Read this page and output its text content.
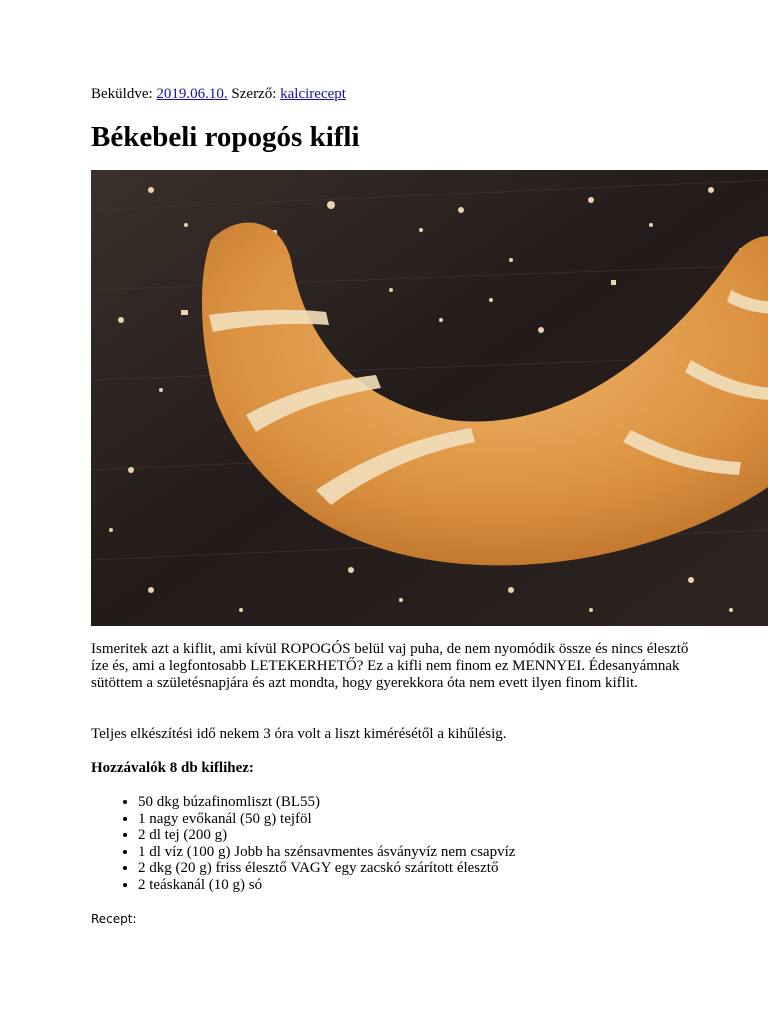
Beküldve: 2019.06.10. Szerző: kalcirecept
Békebeli ropogós kifli

Ismeritek azt a kiflit, ami kívül ROPOGÓS belül vaj puha, de nem nyomódik össze és nincs élesztő íze és, ami a legfontosabb LETEKERHETŐ? Ez a kifli nem finom ez MENNYEI. Édesanyámnak sütöttem a születésnapjára és azt mondta, hogy gyerekkora óta nem evett ilyen finom kiflit.

Teljes elkészítési idő nekem 3 óra volt a liszt kimérésétől a kihűlésig.

Hozzávalók 8 db kiflihez:

• 50 dkg búzafinomliszt (BL55)
• 1 nagy evőkanál (50 g) tejföl
• 2 dl tej (200 g)
• 1 dl víz (100 g) Jobb ha szénsavmentes ásványvíz nem csapvíz
• 2 dkg (20 g) friss élesztő VAGY egy zacskó szárított élesztő
• 2 teáskanál (10 g) só
Recept:
